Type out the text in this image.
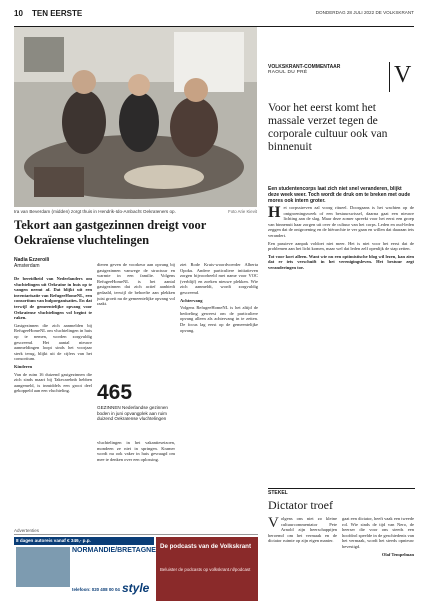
10 TEN EERSTE	DONDERDAG 28 JULI 2022 DE VOLKSKRANT
Ira van Beverdam (midden) zorgt thuis in Hendrik-Ido-Ambacht Oekraïeners op.	Foto Arie Kievit
Tekort aan gastgezinnen dreigt voor Oekraïense vluchtelingen
Nadia Ezzeroili
Amsterdam

De bereidheid van Nederlanders om vluchtelingen uit Oekraïne in huis op te vangen neemt af. Dat blijkt uit een inventarisatie van RefugeeHomeNL, een consortium van hulporganisaties. En dat terwijl de gemeentelijke opvang voor Oekraïense vluchtelingen vol begint te raken.

Gastgezinnen die zich aanmelden bij RefugeeHomeNL om vluchtelingen in huis op te nemen, worden zorgvuldig gescreend. Het aantal nieuwe aanmeldingen loopt sinds het voorjaar sterk terug, blijkt uit de cijfers van het consortium.

Kinderen

Van de ruim 16 duizend gastgezinnen die zich sinds maart bij Takecarebnb hebben aangemeld, is inmiddels een groot deel gekoppeld aan een vluchteling.

dieren geven de voorkeur aan opvang bij gastgezinnen vanwege de structuur en warmte in een familie. Volgens RefugeeHomeNL is het aantal gastgezinnen dat zich actief aanbiedt gedaald, terwijl de behoefte aan plekken juist groeit nu de gemeentelijke opvang vol raakt.

465
GEZINNEN Nederlandse gezinnen boden in juni opvangplek aan ruim duizend Oekraïense vluchtelingen

vluchtelingen in het vakantieseizoen, mondeen ze niet in springen. Kramer wordt nu ook vaker in huis gevraagd om mee te denken over een oplossing.

ziet Rode Kruis-woordvoerder Alberta Opoku. Andere particuliere initiatieven zorgen bijvoorbeeld met name voor VOC (verblijf) en zoeken nieuwe plekken. Wie zich aanmeldt, wordt zorgvuldig gescreend.

Achtervang

Volgens RefugeeHomeNL is het altijd de bedoeling geweest om de particuliere opvang alleen als achtervang in te zetten. De focus lag eerst op de gemeentelijke opvang.

Advertenties
8 dagen autoreis vanaf € 349,- p.p.
NORMANDIE/BRETAGNE
telefoon: 020 408 00 04 style
De podcasts van de Volkskrant
Beluister de podcasts op volkskrant.nl/podcast
VOLKSKRANT-COMMENTAAR
RAOUL DU PRÉ	V
Voor het eerst komt het massale verzet tegen de corporale cultuur ook van binnenuit
Een studentencorps laat zich niet snel veranderen, blijkt deze week weer. Toch wordt de druk om te breken met oude mores ook intern groter.

Het corpsstreven zal voorg ritueel. Doorgaans is het wachten op de ontgroeningsweek of een bestuurswissel, daarna gaat een nieuwe lichting aan de slag. Maar deze zomer spreekt voor het eerst een groep van binnenuit haar zorgen uit over de cultuur van het corps. Leden en oud-leden zeggen dat de ontgroening en de hiërarchie te ver gaan en willen dat daaraan iets verandert.

Een passieve aanpak voldoet niet meer. Het is niet voor het eerst dat de problemen aan het licht komen, maar wel dat leden zelf openlijk de stap zetten.

Tot voor kort alleen. Want wie nu een optimistische blog wil lezen, kan zien dat er iets verschuift in het verenigingsleven. Het bestuur zegt veranderingen toe.

STEKEL
Dictator troef

Volgens ons niet zo kleine cultuurcommentator Pete Arnold zijn heerschappijen beroemd om het vermaak en de dictator ruimte op zijn eigen manier.

gaat een dictator, heeft vaak een tweede rol. Wie sinds de tijd van Nero, de heerser die voor ons steeds een hoofdrol speelde in de geschiedenis van het vermaak, wordt het steeds opnieuw bevestigd.

Olaf Tempelman
